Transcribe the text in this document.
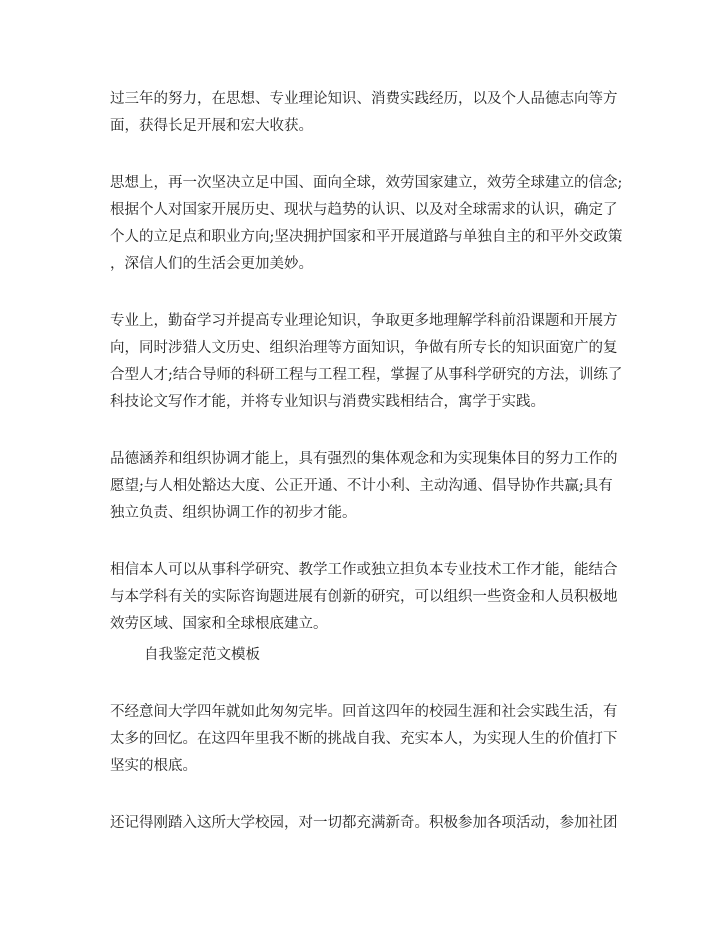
过三年的努力，在思想、专业理论知识、消费实践经历，以及个人品德志向等方
面，获得长足开展和宏大收获。
思想上，再一次坚决立足中国、面向全球，效劳国家建立，效劳全球建立的信念;
根据个人对国家开展历史、现状与趋势的认识、以及对全球需求的认识，确定了
个人的立足点和职业方向;坚决拥护国家和平开展道路与单独自主的和平外交政策
，深信人们的生活会更加美妙。
专业上，勤奋学习并提高专业理论知识，争取更多地理解学科前沿课题和开展方
向，同时涉猎人文历史、组织治理等方面知识，争做有所专长的知识面宽广的复
合型人才;结合导师的科研工程与工程工程，掌握了从事科学研究的方法，训练了
科技论文写作才能，并将专业知识与消费实践相结合，寓学于实践。
品德涵养和组织协调才能上，具有强烈的集体观念和为实现集体目的努力工作的
愿望;与人相处豁达大度、公正开通、不计小利、主动沟通、倡导协作共赢;具有
独立负责、组织协调工作的初步才能。
相信本人可以从事科学研究、教学工作或独立担负本专业技术工作才能，能结合
与本学科有关的实际咨询题进展有创新的研究，可以组织一些资金和人员积极地
效劳区域、国家和全球根底建立。
自我鉴定范文模板
不经意间大学四年就如此匆匆完毕。回首这四年的校园生涯和社会实践生活，有
太多的回忆。在这四年里我不断的挑战自我、充实本人，为实现人生的价值打下
坚实的根底。
还记得刚踏入这所大学校园，对一切都充满新奇。积极参加各项活动，参加社团
